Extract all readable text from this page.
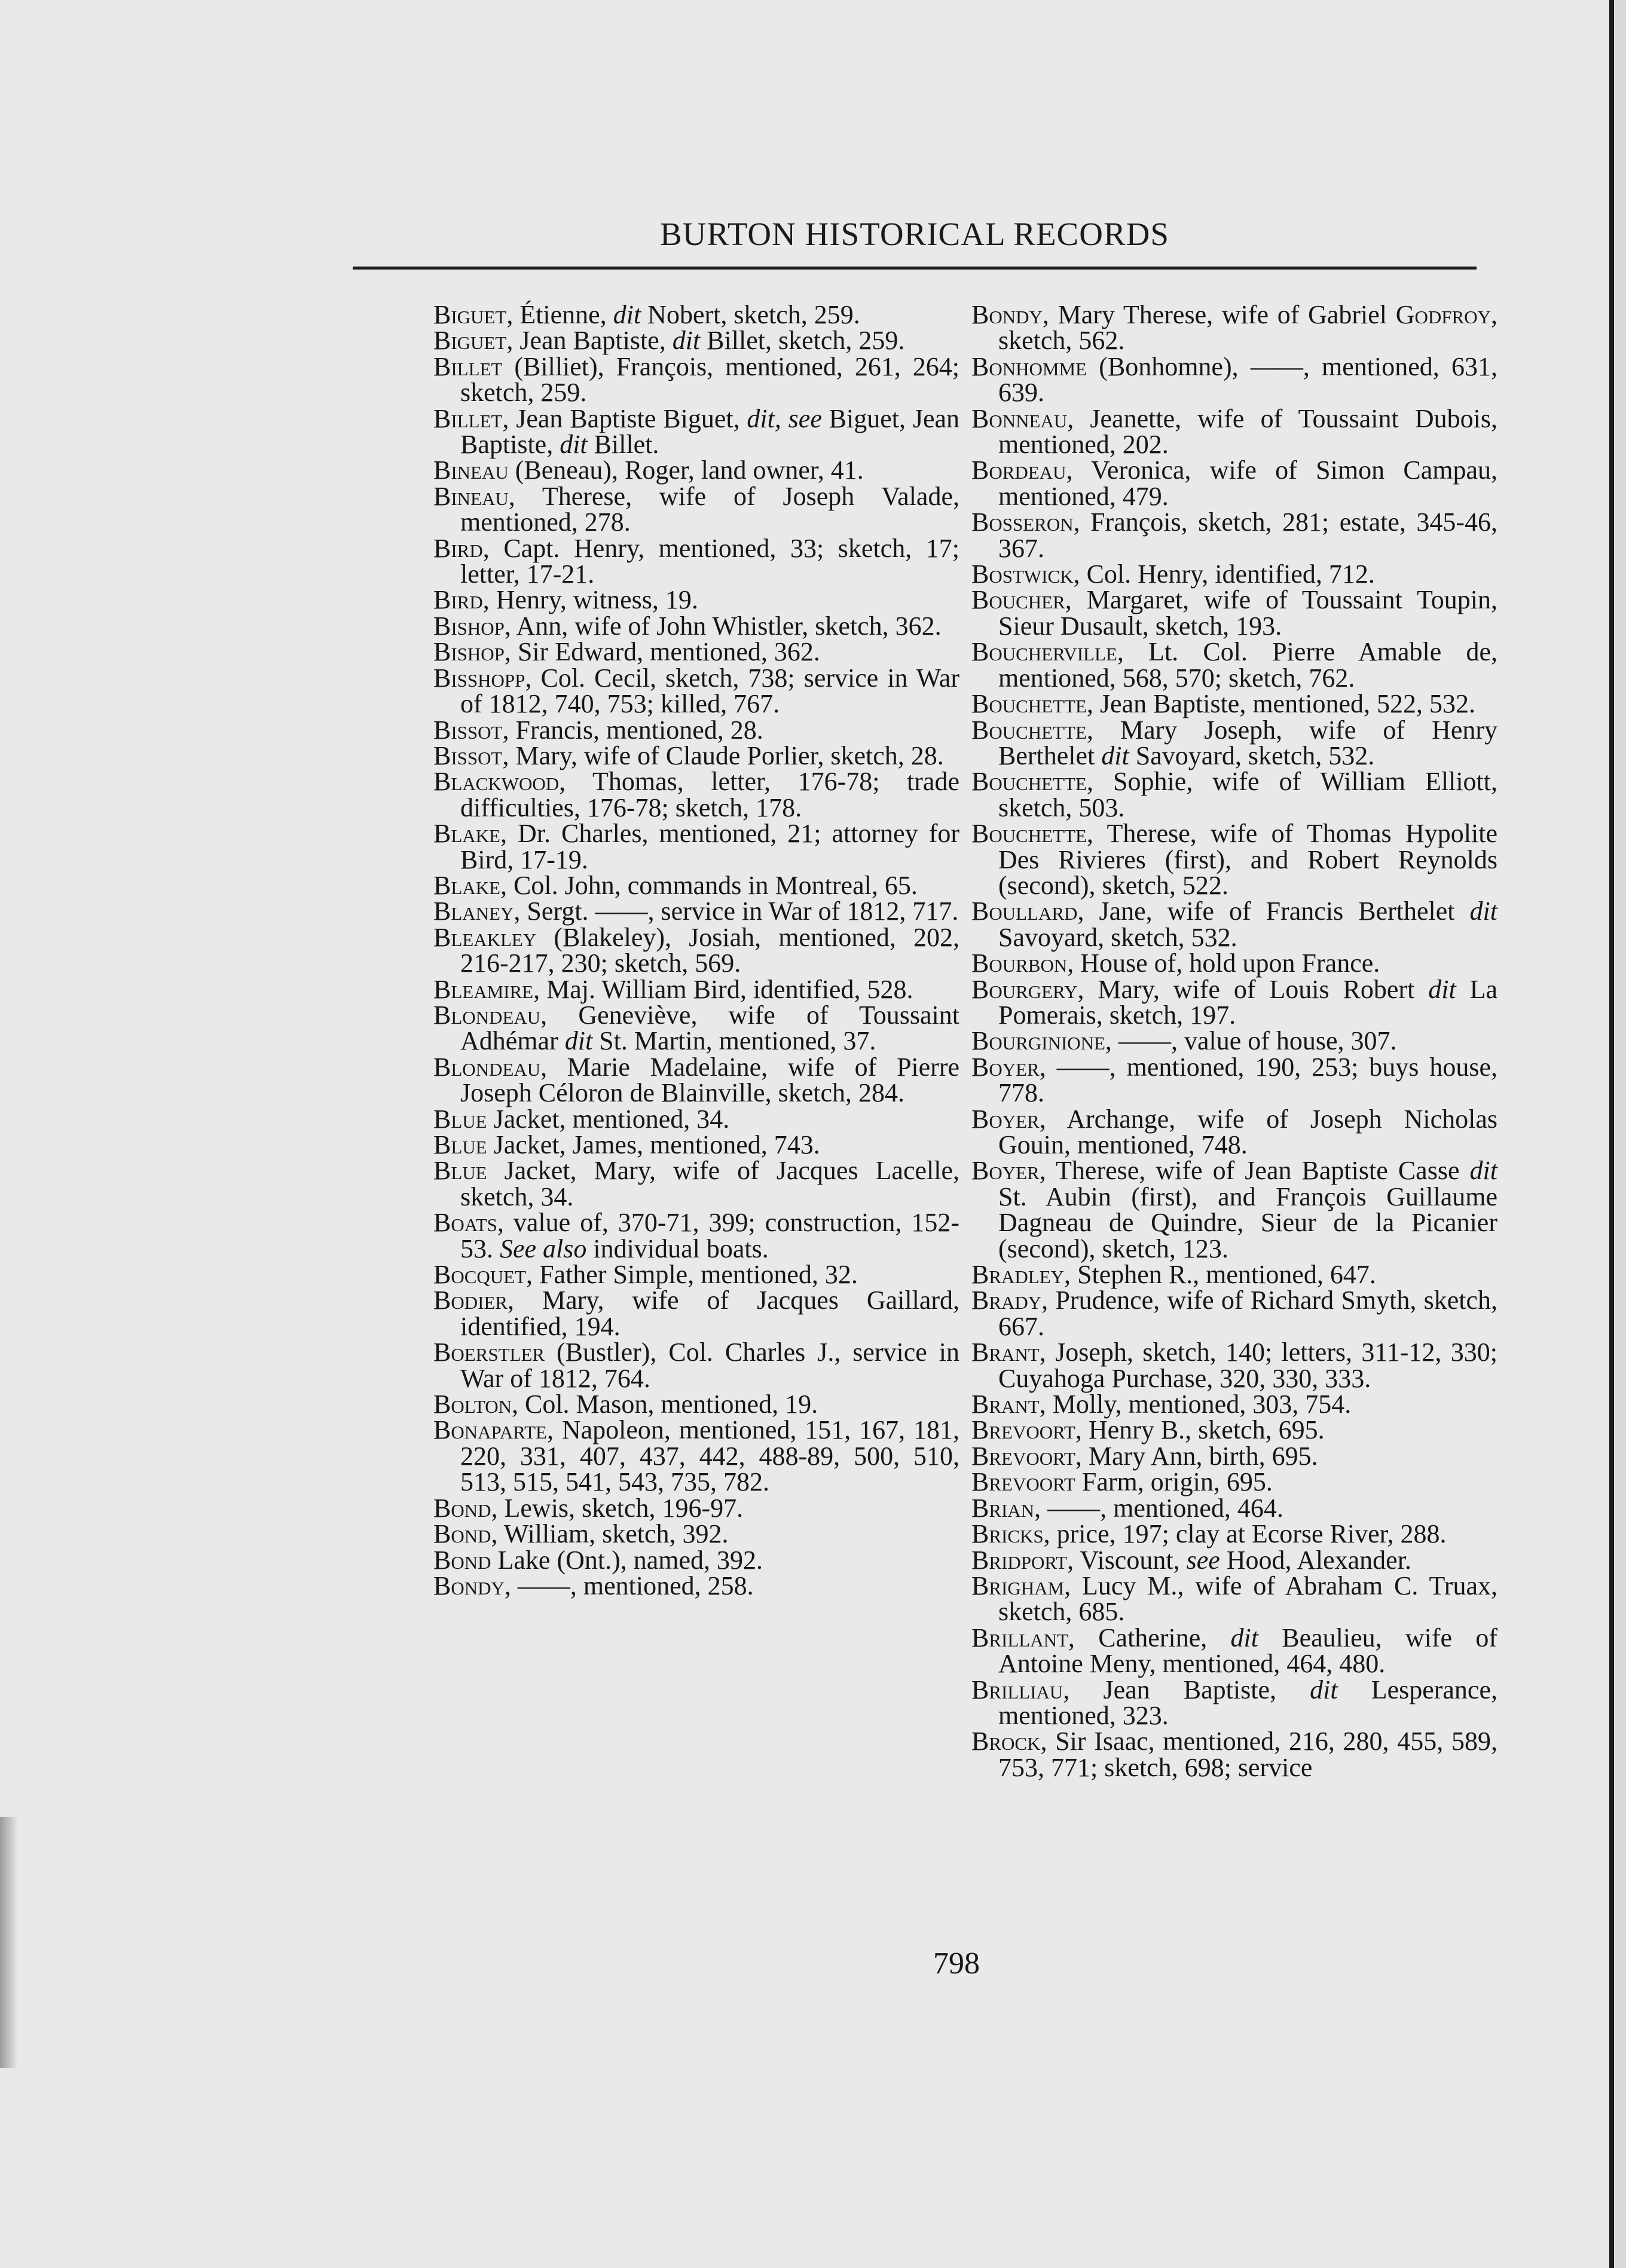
BURTON HISTORICAL RECORDS

Biguet, Étienne, dit Nobert, sketch, 259.

Biguet, Jean Baptiste, dit Billet, sketch, 259.

Billet (Billiet), François, mentioned, 261, 264; sketch, 259.

Billet, Jean Baptiste Biguet, dit, see Biguet, Jean Baptiste, dit Billet.

Bineau (Beneau), Roger, land owner, 41.

Bineau, Therese, wife of Joseph Valade, mentioned, 278.

Bird, Capt. Henry, mentioned, 33; sketch, 17; letter, 17-21.

Bird, Henry, witness, 19.

Bishop, Ann, wife of John Whistler, sketch, 362.

Bishop, Sir Edward, mentioned, 362.

Bisshopp, Col. Cecil, sketch, 738; service in War of 1812, 740, 753; killed, 767.

Bissot, Francis, mentioned, 28.

Bissot, Mary, wife of Claude Porlier, sketch, 28.

Blackwood, Thomas, letter, 176-78; trade difficulties, 176-78; sketch, 178.

Blake, Dr. Charles, mentioned, 21; attorney for Bird, 17-19.

Blake, Col. John, commands in Montreal, 65.

Blaney, Sergt. ——, service in War of 1812, 717.

Bleakley (Blakeley), Josiah, mentioned, 202, 216-217, 230; sketch, 569.

Bleamire, Maj. William Bird, identified, 528.

Blondeau, Geneviève, wife of Toussaint Adhémar dit St. Martin, mentioned, 37.

Blondeau, Marie Madelaine, wife of Pierre Joseph Céloron de Blainville, sketch, 284.

Blue Jacket, mentioned, 34.

Blue Jacket, James, mentioned, 743.

Blue Jacket, Mary, wife of Jacques Lacelle, sketch, 34.

Boats, value of, 370-71, 399; construction, 152-53. See also individual boats.

Bocquet, Father Simple, mentioned, 32.

Bodier, Mary, wife of Jacques Gaillard, identified, 194.

Boerstler (Bustler), Col. Charles J., service in War of 1812, 764.

Bolton, Col. Mason, mentioned, 19.

Bonaparte, Napoleon, mentioned, 151, 167, 181, 220, 331, 407, 437, 442, 488-89, 500, 510, 513, 515, 541, 543, 735, 782.

Bond, Lewis, sketch, 196-97.

Bond, William, sketch, 392.

Bond Lake (Ont.), named, 392.

Bondy, ——, mentioned, 258.

Bondy, Mary Therese, wife of Gabriel Godfroy, sketch, 562.

Bonhomme (Bonhomne), ——, mentioned, 631, 639.

Bonneau, Jeanette, wife of Toussaint Dubois, mentioned, 202.

Bordeau, Veronica, wife of Simon Campau, mentioned, 479.

Bosseron, François, sketch, 281; estate, 345-46, 367.

Bostwick, Col. Henry, identified, 712.

Boucher, Margaret, wife of Toussaint Toupin, Sieur Dusault, sketch, 193.

Boucherville, Lt. Col. Pierre Amable de, mentioned, 568, 570; sketch, 762.

Bouchette, Jean Baptiste, mentioned, 522, 532.

Bouchette, Mary Joseph, wife of Henry Berthelet dit Savoyard, sketch, 532.

Bouchette, Sophie, wife of William Elliott, sketch, 503.

Bouchette, Therese, wife of Thomas Hypolite Des Rivieres (first), and Robert Reynolds (second), sketch, 522.

Boullard, Jane, wife of Francis Berthelet dit Savoyard, sketch, 532.

Bourbon, House of, hold upon France.

Bourgery, Mary, wife of Louis Robert dit La Pomerais, sketch, 197.

Bourginione, ——, value of house, 307.

Boyer, ——, mentioned, 190, 253; buys house, 778.

Boyer, Archange, wife of Joseph Nicholas Gouin, mentioned, 748.

Boyer, Therese, wife of Jean Baptiste Casse dit St. Aubin (first), and François Guillaume Dagneau de Quindre, Sieur de la Picanier (second), sketch, 123.

Bradley, Stephen R., mentioned, 647.

Brady, Prudence, wife of Richard Smyth, sketch, 667.

Brant, Joseph, sketch, 140; letters, 311-12, 330; Cuyahoga Purchase, 320, 330, 333.

Brant, Molly, mentioned, 303, 754.

Brevoort, Henry B., sketch, 695.

Brevoort, Mary Ann, birth, 695.

Brevoort Farm, origin, 695.

Brian, ——, mentioned, 464.

Bricks, price, 197; clay at Ecorse River, 288.

Bridport, Viscount, see Hood, Alexander.

Brigham, Lucy M., wife of Abraham C. Truax, sketch, 685.

Brillant, Catherine, dit Beaulieu, wife of Antoine Meny, mentioned, 464, 480.

Brilliau, Jean Baptiste, dit Lesperance, mentioned, 323.

Brock, Sir Isaac, mentioned, 216, 280, 455, 589, 753, 771; sketch, 698; service

798
